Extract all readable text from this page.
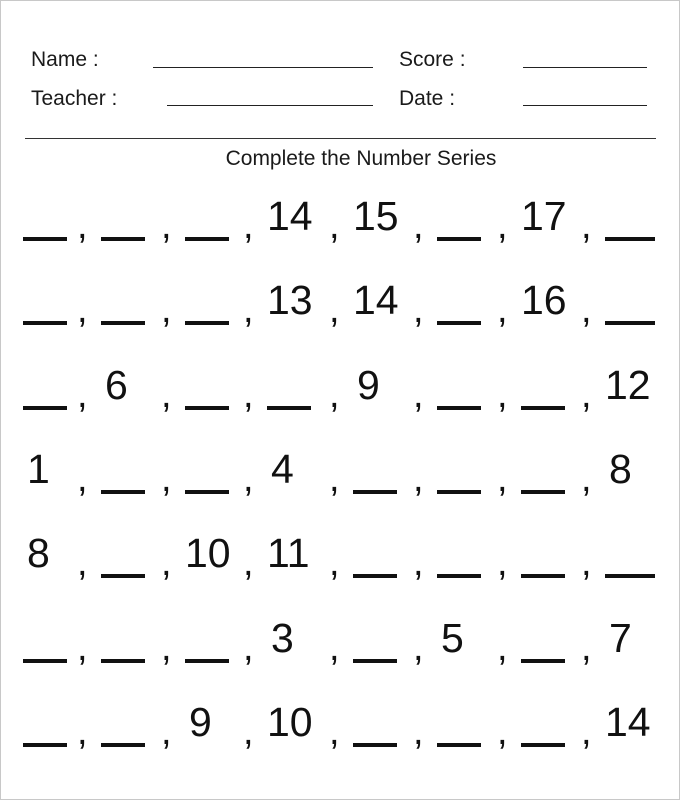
Name :	Score :
Teacher :	Date :
Complete the Number Series
, , , 14 , 15 , , 17 ,
, , , 13 , 14 , , 16 ,
, 6 , , , 9 , , , 12
1 , , , 4 , , , , 8
8 , , 10 , 11 , , , ,
, , , 3 , , 5 , , 7
, , 9 , 10 , , , , 14
